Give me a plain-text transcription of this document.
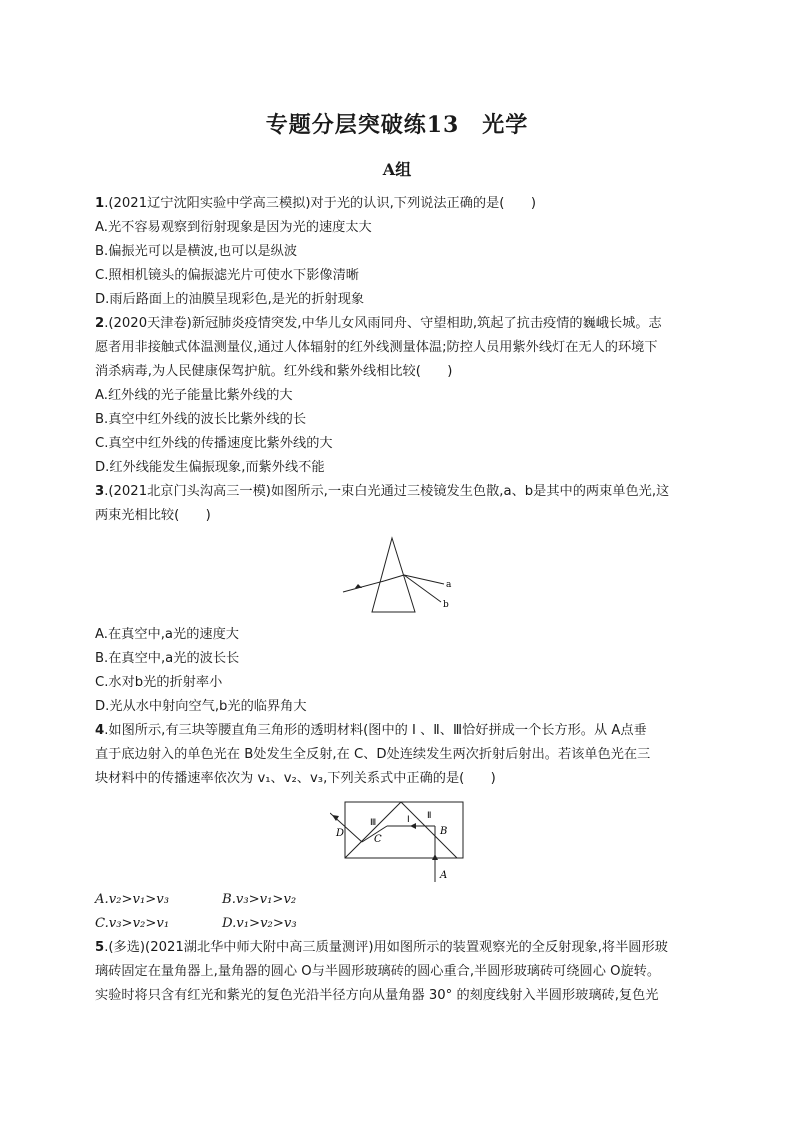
专题分层突破练13　光学
A组
1.(2021辽宁沈阳实验中学高三模拟)对于光的认识,下列说法正确的是(　　)
A.光不容易观察到衍射现象是因为光的速度太大
B.偏振光可以是横波,也可以是纵波
C.照相机镜头的偏振滤光片可使水下影像清晰
D.雨后路面上的油膜呈现彩色,是光的折射现象
2.(2020天津卷)新冠肺炎疫情突发,中华儿女风雨同舟、守望相助,筑起了抗击疫情的巍峨长城。志
愿者用非接触式体温测量仪,通过人体辐射的红外线测量体温;防控人员用紫外线灯在无人的环境下
消杀病毒,为人民健康保驾护航。红外线和紫外线相比较(　　)
A.红外线的光子能量比紫外线的大
B.真空中红外线的波长比紫外线的长
C.真空中红外线的传播速度比紫外线的大
D.红外线能发生偏振现象,而紫外线不能
3.(2021北京门头沟高三一模)如图所示,一束白光通过三棱镜发生色散,a、b是其中的两束单色光,这
两束光相比较(　　)
a
b
A.在真空中,a光的速度大
B.在真空中,a光的波长长
C.水对b光的折射率小
D.光从水中射向空气,b光的临界角大
4.如图所示,有三块等腰直角三角形的透明材料(图中的 Ⅰ 、Ⅱ、Ⅲ恰好拼成一个长方形。从 A点垂
直于底边射入的单色光在 B处发生全反射,在 C、D处连续发生两次折射后射出。若该单色光在三
块材料中的传播速率依次为 v₁、v₂、v₃,下列关系式中正确的是(　　)
Ⅲ
Ⅱ
I
B
C
D
A
A.v₂>v₁>v₃	B.v₃>v₁>v₂
C.v₃>v₂>v₁	D.v₁>v₂>v₃
5.(多选)(2021湖北华中师大附中高三质量测评)用如图所示的装置观察光的全反射现象,将半圆形玻
璃砖固定在量角器上,量角器的圆心 O与半圆形玻璃砖的圆心重合,半圆形玻璃砖可绕圆心 O旋转。
实验时将只含有红光和紫光的复色光沿半径方向从量角器 30° 的刻度线射入半圆形玻璃砖,复色光
